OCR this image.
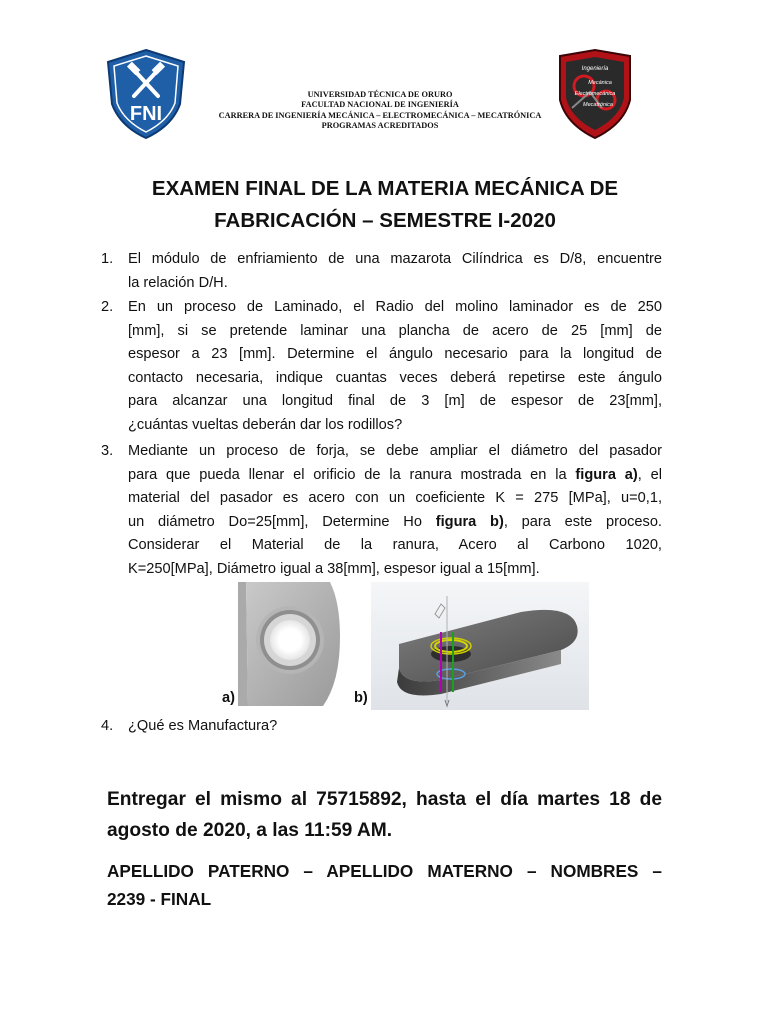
FNI
UNIVERSIDAD TÉCNICA DE ORURO
FACULTAD NACIONAL DE INGENIERÍA
CARRERA DE INGENIERÍA MECÁNICA – ELECTROMECÁNICA – MECATRÓNICA
PROGRAMAS ACREDITADOS
Ingeniería
Mecánica
Electromecánica
Mecatrónica
EXAMEN FINAL DE LA MATERIA MECÁNICA DE
FABRICACIÓN – SEMESTRE I-2020
1. El módulo de enfriamiento de una mazarota Cilíndrica es D/8, encuentre
la relación D/H.
2. En un proceso de Laminado, el Radio del molino laminador es de 250
[mm], si se pretende laminar una plancha de acero de 25 [mm] de
espesor a 23 [mm]. Determine el ángulo necesario para la longitud de
contacto necesaria, indique cuantas veces deberá repetirse este ángulo
para alcanzar una longitud final de 3 [m] de espesor de 23[mm],
¿cuántas vueltas deberán dar los rodillos?
3. Mediante un proceso de forja, se debe ampliar el diámetro del pasador
para que pueda llenar el orificio de la ranura mostrada en la figura a), el
material del pasador es acero con un coeficiente K = 275 [MPa], u=0,1,
un diámetro Do=25[mm], Determine Ho figura b), para este proceso.
Considerar el Material de la ranura, Acero al Carbono 1020,
K=250[MPa], Diámetro igual a 38[mm], espesor igual a 15[mm].
a)	b)
4. ¿Qué es Manufactura?
Entregar el mismo al 75715892, hasta el día martes 18 de
agosto de 2020, a las 11:59 AM.
APELLIDO PATERNO – APELLIDO MATERNO – NOMBRES –
2239 - FINAL
